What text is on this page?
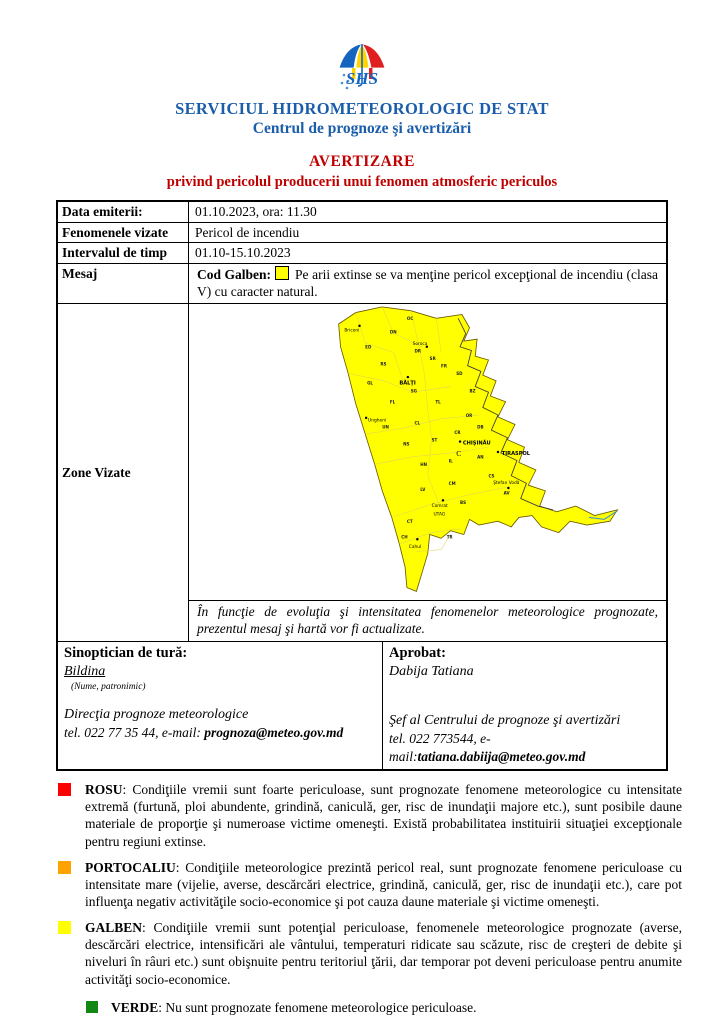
SHS
SERVICIUL HIDROMETEOROLOGIC DE STAT
Centrul de prognoze şi avertizări
AVERTIZARE
privind pericolul producerii unui fenomen atmosferic periculos
Data emiterii:	01.10.2023, ora: 11.30
Fenomenele vizate	Pericol de incendiu
Intervalul de timp	01.10-15.10.2023
Mesaj	Cod Galben: Pe arii extinse se va menţine pericol excepţional de incendiu (clasa V) cu caracter natural.
Zone Vizate
Briceni
Soroca
BĂLŢI
SG
Ungheni
CHIŞINĂU
C	TIRASPOL
Ştefan Vodă
Comrat
UTAG
Cahul
OC
DN
ED
DR
SR
RS	FR
SD
GL
BZ
FL	TL
OR
UN
CL
CR
DB
ST
NS
HN
IL
AN
CS
CM
LV
BS
CT
TR
CH
AV
În funcţie de evoluţia şi intensitatea fenomenelor meteorologice prognozate, prezentul mesaj şi hartă vor fi actualizate.
Sinoptician de tură:
Bildina
(Nume, patronimic)
Direcţia prognoze meteorologice
tel. 022 77 35 44, e-mail: prognoza@meteo.gov.md
Aprobat:
Dabija Tatiana
Şef al Centrului de prognoze şi avertizări
tel. 022 773544, e-mail:tatiana.dabiija@meteo.gov.md
ROSU: Condiţiile vremii sunt foarte periculoase, sunt prognozate fenomene meteorologice cu intensitate extremă (furtună, ploi abundente, grindină, caniculă, ger, risc de inundaţii majore etc.), sunt posibile daune materiale de proporţie şi numeroase victime omeneşti. Există probabilitatea instituirii situaţiei excepţionale pentru regiuni extinse.
PORTOCALIU: Condiţiile meteorologice prezintă pericol real, sunt prognozate fenomene periculoase cu intensitate mare (vijelie, averse, descărcări electrice, grindină, caniculă, ger, risc de inundaţii etc.), care pot influenţa negativ activităţile socio-economice şi pot cauza daune materiale şi victime omeneşti.
GALBEN: Condiţiile vremii sunt potenţial periculoase, fenomenele meteorologice prognozate (averse, descărcări electrice, intensificări ale vântului, temperaturi ridicate sau scăzute, risc de creşteri de debite şi niveluri în râuri etc.) sunt obişnuite pentru teritoriul ţării, dar temporar pot deveni periculoase pentru anumite activităţi socio-economice.
VERDE: Nu sunt prognozate fenomene meteorologice periculoase.
